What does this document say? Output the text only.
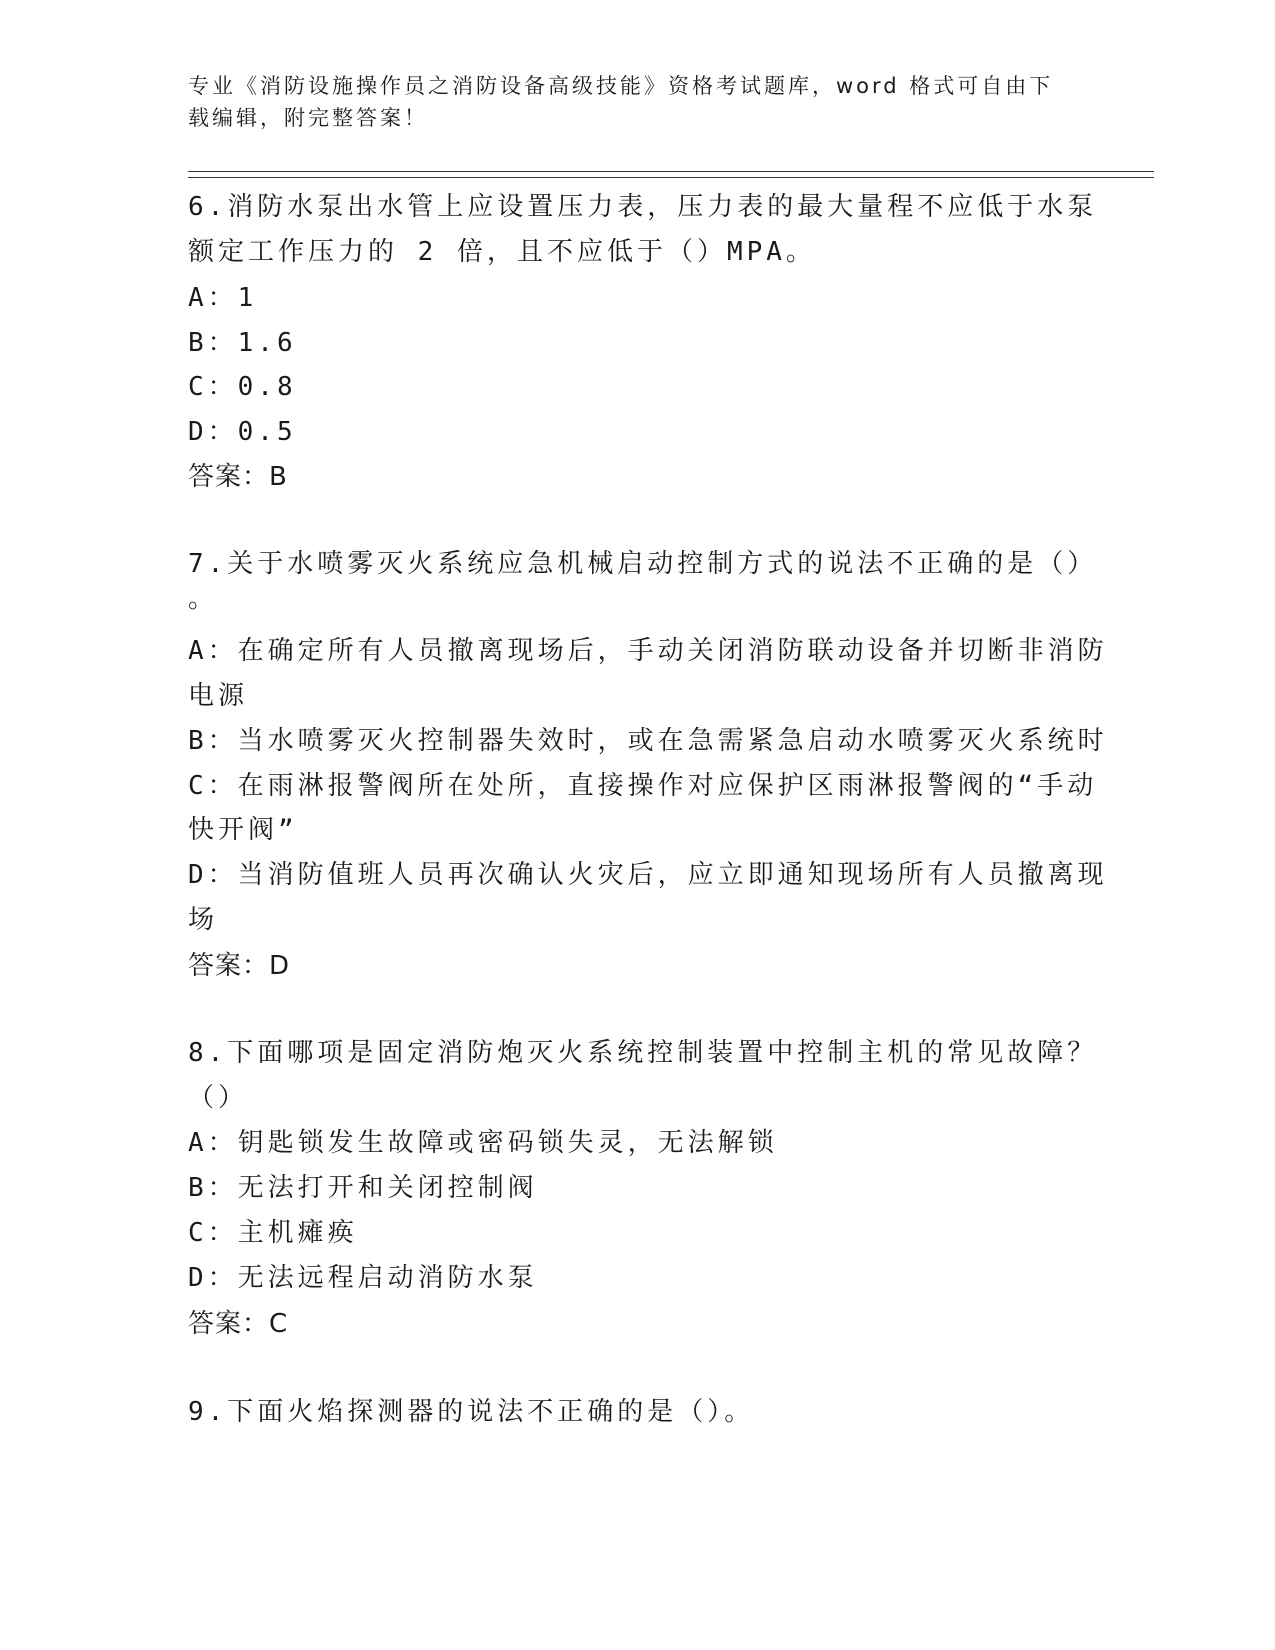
专业《消防设施操作员之消防设备高级技能》资格考试题库，word 格式可自由下
载编辑，附完整答案！
6.消防水泵出水管上应设置压力表，压力表的最大量程不应低于水泵
额定工作压力的 2 倍，且不应低于（）MPA。
A：1
B：1.6
C：0.8
D：0.5
答案：B
7.关于水喷雾灭火系统应急机械启动控制方式的说法不正确的是（）
。
A：在确定所有人员撤离现场后，手动关闭消防联动设备并切断非消防
电源
B：当水喷雾灭火控制器失效时，或在急需紧急启动水喷雾灭火系统时
C：在雨淋报警阀所在处所，直接操作对应保护区雨淋报警阀的“手动
快开阀”
D：当消防值班人员再次确认火灾后，应立即通知现场所有人员撤离现
场
答案：D
8.下面哪项是固定消防炮灭火系统控制装置中控制主机的常见故障？
（）
A：钥匙锁发生故障或密码锁失灵，无法解锁
B：无法打开和关闭控制阀
C：主机瘫痪
D：无法远程启动消防水泵
答案：C
9.下面火焰探测器的说法不正确的是（）。
